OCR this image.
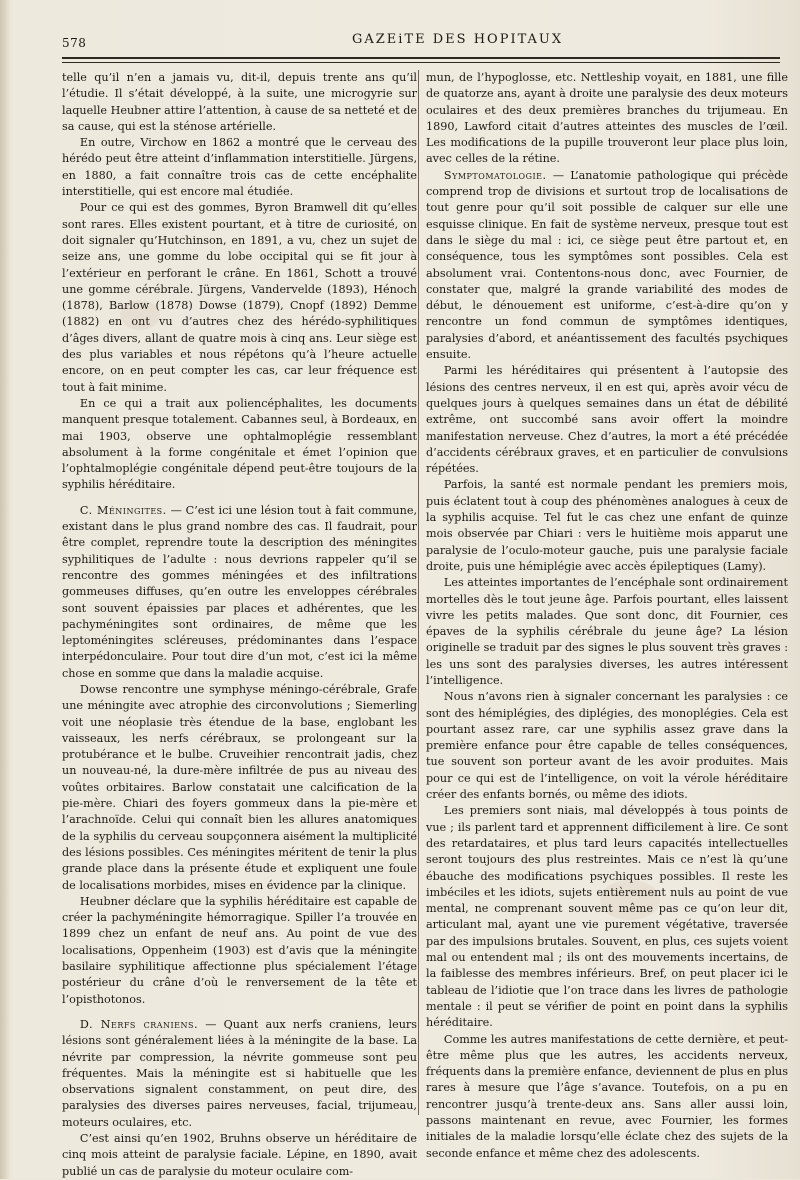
578	GAZEiTE DES HOPITAUX

telle qu’il n’en a jamais vu, dit-il, depuis trente ans qu’il l’étudie. Il s’était développé, à la suite, une microgyrie sur laquelle Heubner attire l’attention, à cause de sa netteté et de sa cause, qui est la sténose artérielle.

En outre, Virchow en 1862 a montré que le cerveau des hérédo peut être atteint d’inflammation interstitielle. Jürgens, en 1880, a fait connaître trois cas de cette encéphalite interstitielle, qui est encore mal étudiée.

Pour ce qui est des gommes, Byron Bramwell dit qu’elles sont rares. Elles existent pourtant, et à titre de curiosité, on doit signaler qu’Hutchinson, en 1891, a vu, chez un sujet de seize ans, une gomme du lobe occipital qui se fit jour à l’extérieur en perforant le crâne. En 1861, Schott a trouvé une gomme cérébrale. Jürgens, Vandervelde (1893), Hénoch (1878), Barlow (1878) Dowse (1879), Cnopf (1892) Demme (1882) en ont vu d’autres chez des hérédo-syphilitiques d’âges divers, allant de quatre mois à cinq ans. Leur siège est des plus variables et nous répétons qu’à l’heure actuelle encore, on en peut compter les cas, car leur fréquence est tout à fait minime.

En ce qui a trait aux poliencéphalites, les documents manquent presque totalement. Cabannes seul, à Bordeaux, en mai 1903, observe une ophtalmoplégie ressemblant absolument à la forme congénitale et émet l’opinion que l’ophtalmoplégie congénitale dépend peut-être toujours de la syphilis héréditaire.

C. Méningites. — C’est ici une lésion tout à fait commune, existant dans le plus grand nombre des cas. Il faudrait, pour être complet, reprendre toute la description des méningites syphilitiques de l’adulte : nous devrions rappeler qu’il se rencontre des gommes méningées et des infiltrations gommeuses diffuses, qu’en outre les enveloppes cérébrales sont souvent épaissies par places et adhérentes, que les pachyméningites sont ordinaires, de même que les leptoméningites scléreuses, prédominantes dans l’espace interpédonculaire. Pour tout dire d’un mot, c’est ici la même chose en somme que dans la maladie acquise.

Dowse rencontre une symphyse méningo-cérébrale, Grafe une méningite avec atrophie des circonvolutions ; Siemerling voit une néoplasie très étendue de la base, englobant les vaisseaux, les nerfs cérébraux, se prolongeant sur la protubérance et le bulbe. Cruveihier rencontrait jadis, chez un nouveau-né, la dure-mère infiltrée de pus au niveau des voûtes orbitaires. Barlow constatait une calcification de la pie-mère. Chiari des foyers gommeux dans la pie-mère et l’arachnoïde. Celui qui connaît bien les allures anatomiques de la syphilis du cerveau soupçonnera aisément la multiplicité des lésions possibles. Ces méningites méritent de tenir la plus grande place dans la présente étude et expliquent une foule de localisations morbides, mises en évidence par la clinique.

Heubner déclare que la syphilis héréditaire est capable de créer la pachyméningite hémorragique. Spiller l’a trouvée en 1899 chez un enfant de neuf ans. Au point de vue des localisations, Oppenheim (1903) est d’avis que la méningite basilaire syphilitique affectionne plus spécialement l’étage postérieur du crâne d’où le renversement de la tête et l’opisthotonos.

D. Nerfs craniens. — Quant aux nerfs craniens, leurs lésions sont généralement liées à la méningite de la base. La névrite par compression, la névrite gommeuse sont peu fréquentes. Mais la méningite est si habituelle que les observations signalent constamment, on peut dire, des paralysies des diverses paires nerveuses, facial, trijumeau, moteurs oculaires, etc.

C’est ainsi qu’en 1902, Bruhns observe un héréditaire de cinq mois atteint de paralysie faciale. Lépine, en 1890, avait publié un cas de paralysie du moteur oculaire com-

mun, de l’hypoglosse, etc. Nettleship voyait, en 1881, une fille de quatorze ans, ayant à droite une paralysie des deux moteurs oculaires et des deux premières branches du trijumeau. En 1890, Lawford citait d’autres atteintes des muscles de l’œil. Les modifications de la pupille trouveront leur place plus loin, avec celles de la rétine.

Symptomatologie. — L’anatomie pathologique qui précède comprend trop de divisions et surtout trop de localisations de tout genre pour qu’il soit possible de calquer sur elle une esquisse clinique. En fait de système nerveux, presque tout est dans le siège du mal : ici, ce siège peut être partout et, en conséquence, tous les symptômes sont possibles. Cela est absolument vrai. Contentons-nous donc, avec Fournier, de constater que, malgré la grande variabilité des modes de début, le dénouement est uniforme, c’est-à-dire qu’on y rencontre un fond commun de symptômes identiques, paralysies d’abord, et anéantissement des facultés psychiques ensuite.

Parmi les héréditaires qui présentent à l’autopsie des lésions des centres nerveux, il en est qui, après avoir vécu de quelques jours à quelques semaines dans un état de débilité extrême, ont succombé sans avoir offert la moindre manifestation nerveuse. Chez d’autres, la mort a été précédée d’accidents cérébraux graves, et en particulier de convulsions répétées.

Parfois, la santé est normale pendant les premiers mois, puis éclatent tout à coup des phénomènes analogues à ceux de la syphilis acquise. Tel fut le cas chez une enfant de quinze mois observée par Chiari : vers le huitième mois apparut une paralysie de l’oculo-moteur gauche, puis une paralysie faciale droite, puis une hémiplégie avec accès épileptiques (Lamy).

Les atteintes importantes de l’encéphale sont ordinairement mortelles dès le tout jeune âge. Parfois pourtant, elles laissent vivre les petits malades. Que sont donc, dit Fournier, ces épaves de la syphilis cérébrale du jeune âge? La lésion originelle se traduit par des signes le plus souvent très graves : les uns sont des paralysies diverses, les autres intéressent l’intelligence.

Nous n’avons rien à signaler concernant les paralysies : ce sont des hémiplégies, des diplégies, des monoplégies. Cela est pourtant assez rare, car une syphilis assez grave dans la première enfance pour être capable de telles conséquences, tue souvent son porteur avant de les avoir produites. Mais pour ce qui est de l’intelligence, on voit la vérole héréditaire créer des enfants bornés, ou même des idiots.

Les premiers sont niais, mal développés à tous points de vue ; ils parlent tard et apprennent difficilement à lire. Ce sont des retardataires, et plus tard leurs capacités intellectuelles seront toujours des plus restreintes. Mais ce n’est là qu’une ébauche des modifications psychiques possibles. Il reste les imbéciles et les idiots, sujets entièrement nuls au point de vue mental, ne comprenant souvent même pas ce qu’on leur dit, articulant mal, ayant une vie purement végétative, traversée par des impulsions brutales. Souvent, en plus, ces sujets voient mal ou entendent mal ; ils ont des mouvements incertains, de la faiblesse des membres inférieurs. Bref, on peut placer ici le tableau de l’idiotie que l’on trace dans les livres de pathologie mentale : il peut se vérifier de point en point dans la syphilis héréditaire.

Comme les autres manifestations de cette dernière, et peut-être même plus que les autres, les accidents nerveux, fréquents dans la première enfance, deviennent de plus en plus rares à mesure que l’âge s’avance. Toutefois, on a pu en rencontrer jusqu’à trente-deux ans. Sans aller aussi loin, passons maintenant en revue, avec Fournier, les formes initiales de la maladie lorsqu’elle éclate chez des sujets de la seconde enfance et même chez des adolescents.
